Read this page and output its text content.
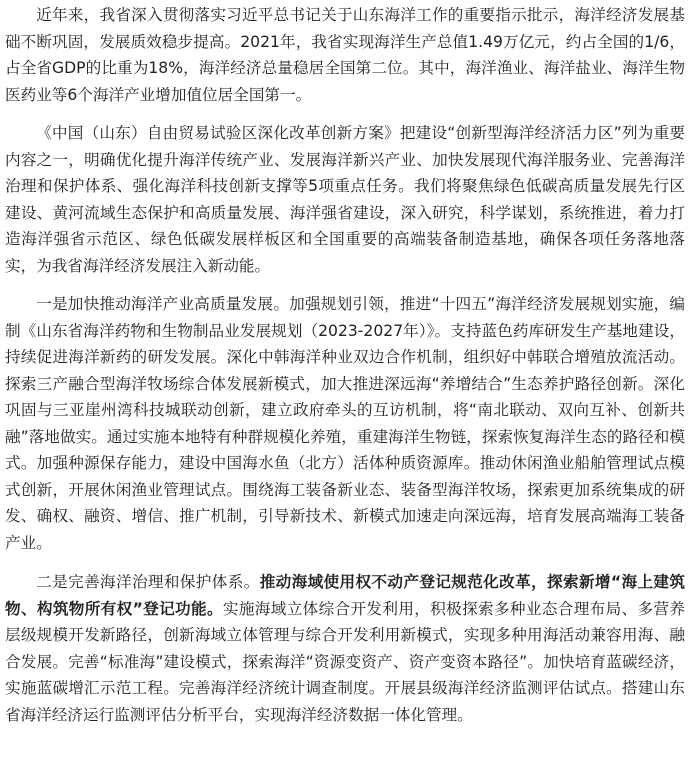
近年来，我省深入贯彻落实习近平总书记关于山东海洋工作的重要指示批示，海洋经济发展基础不断巩固，发展质效稳步提高。2021年，我省实现海洋生产总值1.49万亿元，约占全国的1/6，占全省GDP的比重为18%，海洋经济总量稳居全国第二位。其中，海洋渔业、海洋盐业、海洋生物医药业等6个海洋产业增加值位居全国第一。

《中国（山东）自由贸易试验区深化改革创新方案》把建设“创新型海洋经济活力区”列为重要内容之一，明确优化提升海洋传统产业、发展海洋新兴产业、加快发展现代海洋服务业、完善海洋治理和保护体系、强化海洋科技创新支撑等5项重点任务。我们将聚焦绿色低碳高质量发展先行区建设、黄河流域生态保护和高质量发展、海洋强省建设，深入研究，科学谋划，系统推进，着力打造海洋强省示范区、绿色低碳发展样板区和全国重要的高端装备制造基地，确保各项任务落地落实，为我省海洋经济发展注入新动能。

一是加快推动海洋产业高质量发展。加强规划引领，推进“十四五”海洋经济发展规划实施，编制《山东省海洋药物和生物制品业发展规划（2023-2027年）》。支持蓝色药库研发生产基地建设，持续促进海洋新药的研发发展。深化中韩海洋种业双边合作机制，组织好中韩联合增殖放流活动。探索三产融合型海洋牧场综合体发展新模式，加大推进深远海“养增结合”生态养护路径创新。深化巩固与三亚崖州湾科技城联动创新，建立政府牵头的互访机制，将“南北联动、双向互补、创新共融”落地做实。通过实施本地特有种群规模化养殖，重建海洋生物链，探索恢复海洋生态的路径和模式。加强种源保存能力，建设中国海水鱼（北方）活体种质资源库。推动休闲渔业船舶管理试点模式创新，开展休闲渔业管理试点。围绕海工装备新业态、装备型海洋牧场，探索更加系统集成的研发、确权、融资、增信、推广机制，引导新技术、新模式加速走向深远海，培育发展高端海工装备产业。

二是完善海洋治理和保护体系。推动海域使用权不动产登记规范化改革，探索新增“海上建筑物、构筑物所有权”登记功能。实施海域立体综合开发利用，积极探索多种业态合理布局、多营养层级规模开发新路径，创新海域立体管理与综合开发利用新模式，实现多种用海活动兼容用海、融合发展。完善“标准海”建设模式，探索海洋“资源变资产、资产变资本路径”。加快培育蓝碳经济，实施蓝碳增汇示范工程。完善海洋经济统计调查制度。开展县级海洋经济监测评估试点。搭建山东省海洋经济运行监测评估分析平台，实现海洋经济数据一体化管理。
